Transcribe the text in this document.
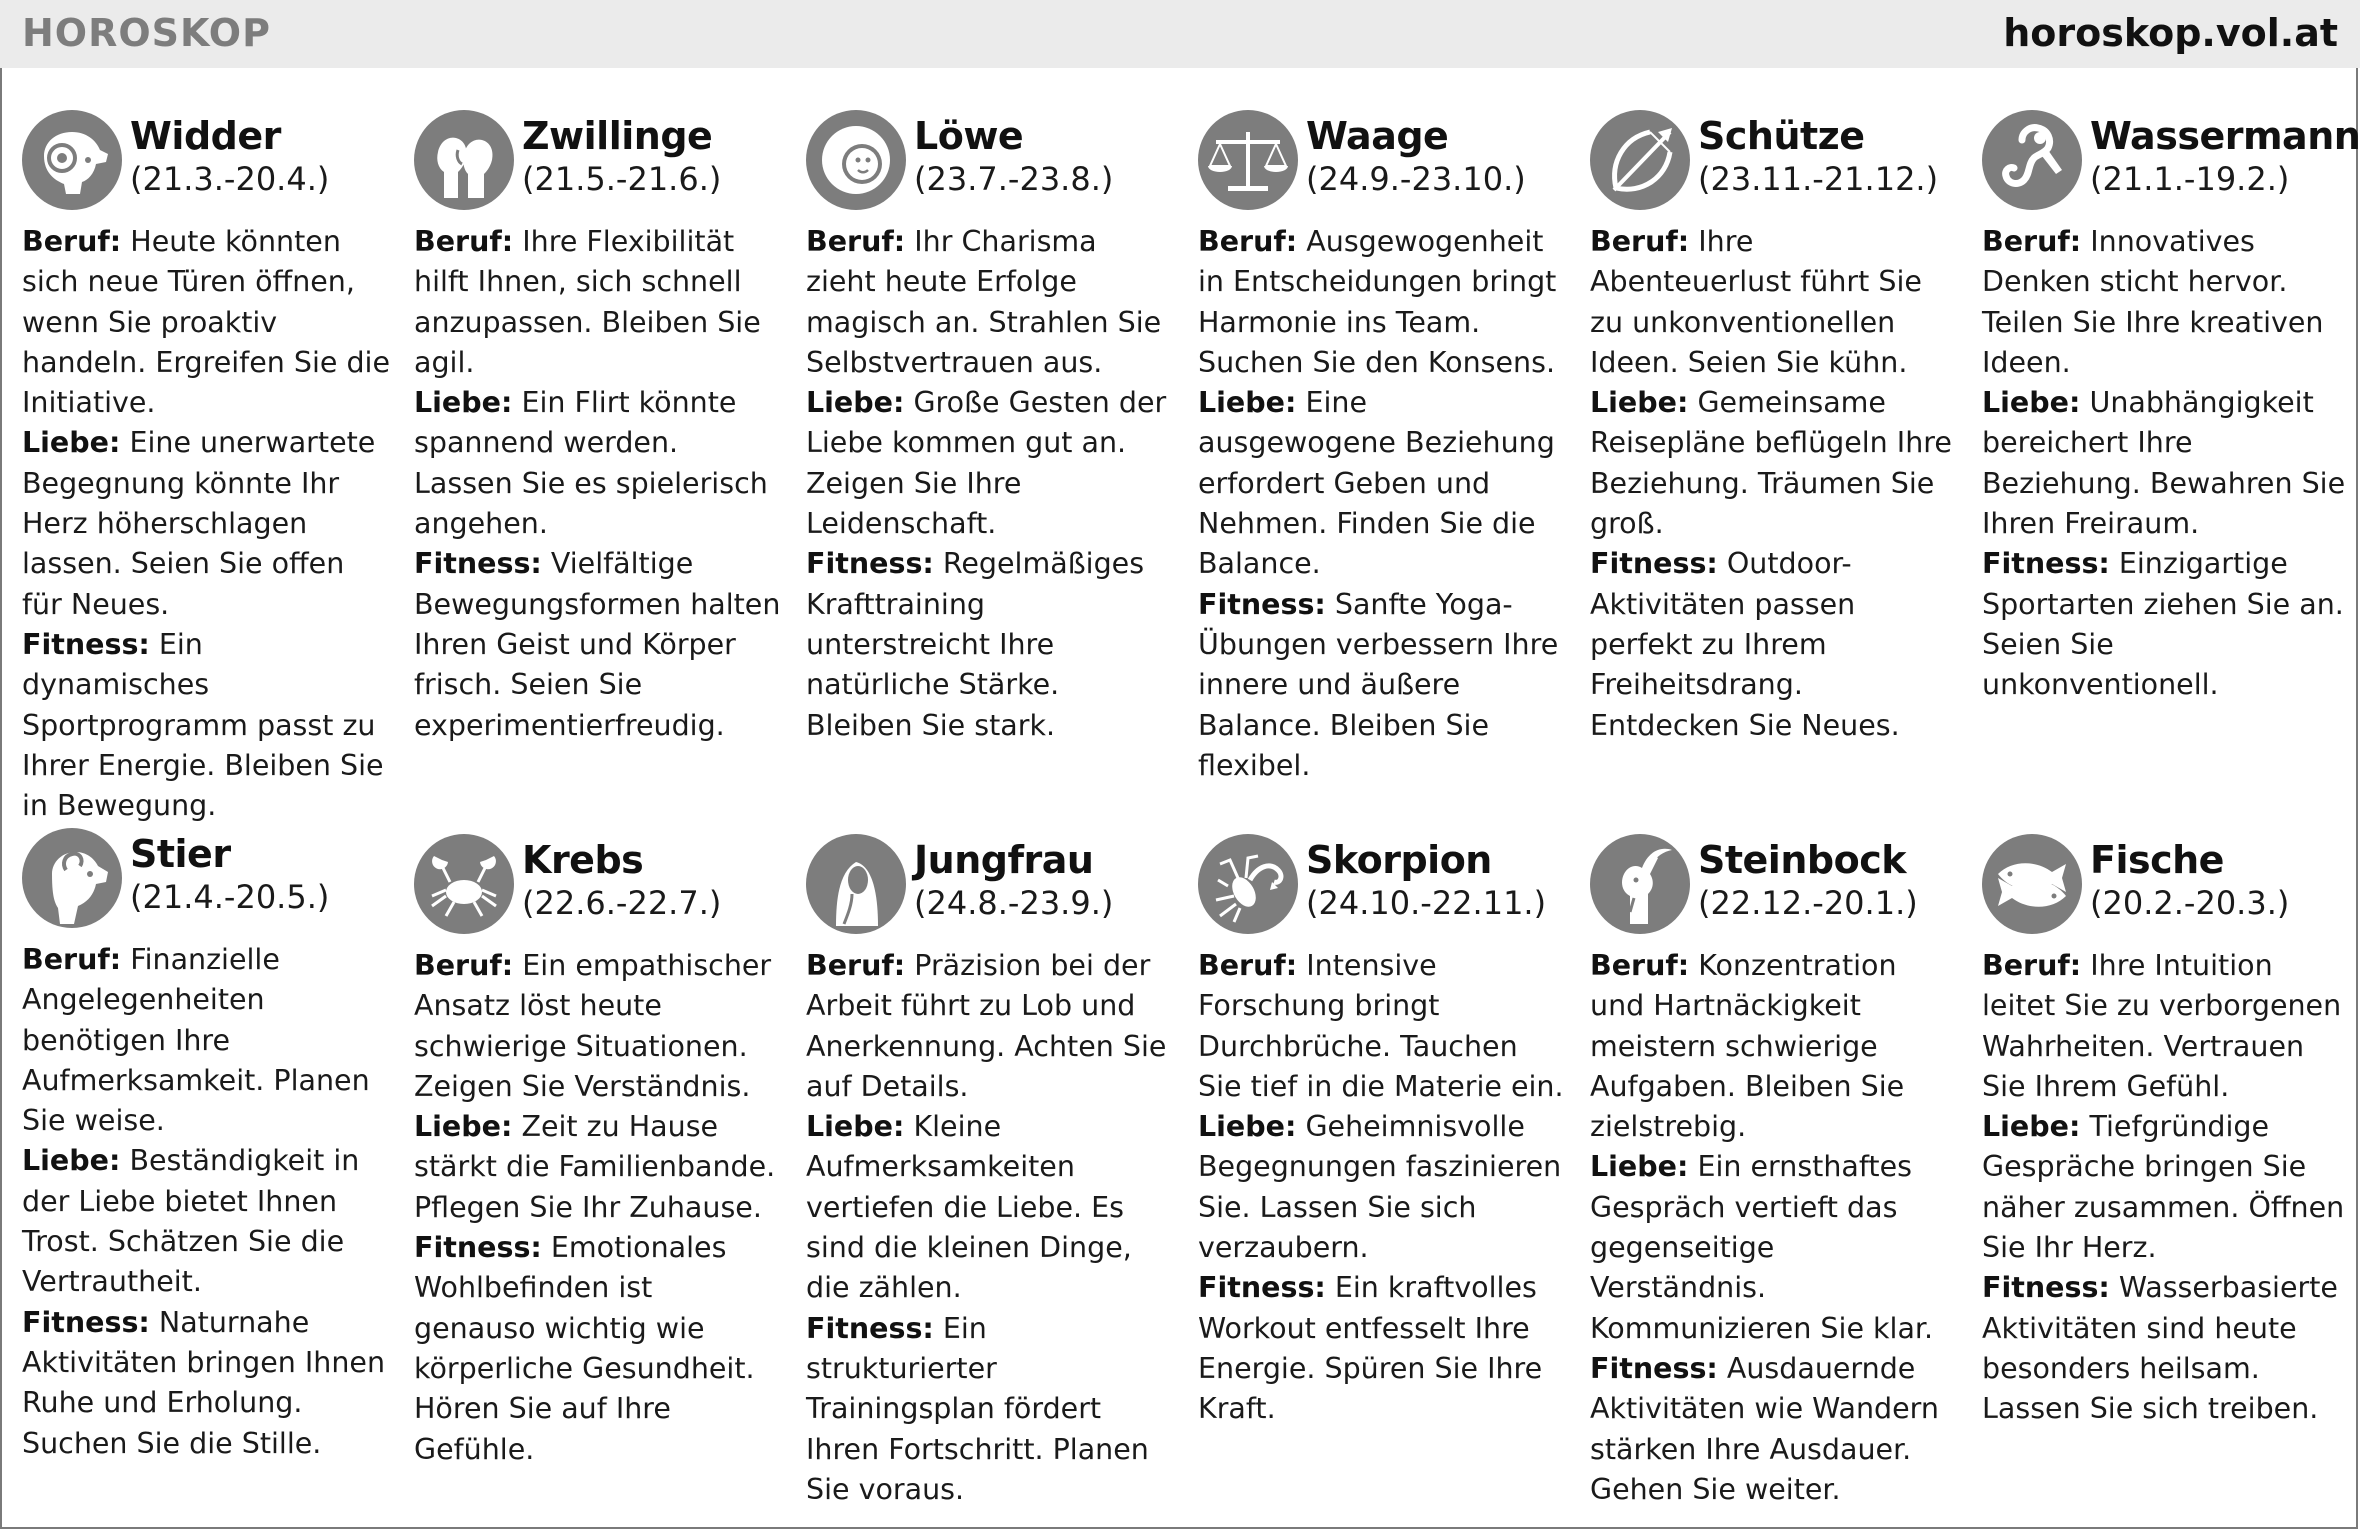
HOROSKOP	horoskop.vol.at
Widder
(21.3.-20.4.)

Beruf: Heute könnten sich neue Türen öffnen, wenn Sie proaktiv handeln. Ergreifen Sie die Initiative.
Liebe: Eine unerwartete Begegnung könnte Ihr Herz höherschlagen lassen. Seien Sie offen für Neues.
Fitness: Ein dynamisches Sportprogramm passt zu Ihrer Energie. Bleiben Sie in Bewegung.

Zwillinge
(21.5.-21.6.)

Beruf: Ihre Flexibilität hilft Ihnen, sich schnell anzupassen. Bleiben Sie agil.
Liebe: Ein Flirt könnte spannend werden. Lassen Sie es spielerisch angehen.
Fitness: Vielfältige Bewegungsformen halten Ihren Geist und Körper frisch. Seien Sie experimentierfreudig.

Löwe
(23.7.-23.8.)

Beruf: Ihr Charisma zieht heute Erfolge magisch an. Strahlen Sie Selbstvertrauen aus.
Liebe: Große Gesten der Liebe kommen gut an. Zeigen Sie Ihre Leidenschaft.
Fitness: Regelmäßiges Krafttraining unterstreicht Ihre natürliche Stärke. Bleiben Sie stark.

Waage
(24.9.-23.10.)

Beruf: Ausgewogenheit in Entscheidungen bringt Harmonie ins Team. Suchen Sie den Konsens.
Liebe: Eine ausgewogene Beziehung erfordert Geben und Nehmen. Finden Sie die Balance.
Fitness: Sanfte Yoga-Übungen verbessern Ihre innere und äußere Balance. Bleiben Sie flexibel.

Schütze
(23.11.-21.12.)

Beruf: Ihre Abenteuerlust führt Sie zu unkonventionellen Ideen. Seien Sie kühn.
Liebe: Gemeinsame Reisepläne beflügeln Ihre Beziehung. Träumen Sie groß.
Fitness: Outdoor-Aktivitäten passen perfekt zu Ihrem Freiheitsdrang. Entdecken Sie Neues.

Wassermann
(21.1.-19.2.)

Beruf: Innovatives Denken sticht hervor. Teilen Sie Ihre kreativen Ideen.
Liebe: Unabhängigkeit bereichert Ihre Beziehung. Bewahren Sie Ihren Freiraum.
Fitness: Einzigartige Sportarten ziehen Sie an. Seien Sie unkonventionell.

Stier
(21.4.-20.5.)

Beruf: Finanzielle Angelegenheiten benötigen Ihre Aufmerksamkeit. Planen Sie weise.
Liebe: Beständigkeit in der Liebe bietet Ihnen Trost. Schätzen Sie die Vertrautheit.
Fitness: Naturnahe Aktivitäten bringen Ihnen Ruhe und Erholung. Suchen Sie die Stille.

Krebs
(22.6.-22.7.)

Beruf: Ein empathischer Ansatz löst heute schwierige Situationen. Zeigen Sie Verständnis.
Liebe: Zeit zu Hause stärkt die Familienbande. Pflegen Sie Ihr Zuhause.
Fitness: Emotionales Wohlbefinden ist genauso wichtig wie körperliche Gesundheit. Hören Sie auf Ihre Gefühle.

Jungfrau
(24.8.-23.9.)

Beruf: Präzision bei der Arbeit führt zu Lob und Anerkennung. Achten Sie auf Details.
Liebe: Kleine Aufmerksamkeiten vertiefen die Liebe. Es sind die kleinen Dinge, die zählen.
Fitness: Ein strukturierter Trainingsplan fördert Ihren Fortschritt. Planen Sie voraus.

Skorpion
(24.10.-22.11.)

Beruf: Intensive Forschung bringt Durchbrüche. Tauchen Sie tief in die Materie ein.
Liebe: Geheimnisvolle Begegnungen faszinieren Sie. Lassen Sie sich verzaubern.
Fitness: Ein kraftvolles Workout entfesselt Ihre Energie. Spüren Sie Ihre Kraft.

Steinbock
(22.12.-20.1.)

Beruf: Konzentration und Hartnäckigkeit meistern schwierige Aufgaben. Bleiben Sie zielstrebig.
Liebe: Ein ernsthaftes Gespräch vertieft das gegenseitige Verständnis. Kommunizieren Sie klar.
Fitness: Ausdauernde Aktivitäten wie Wandern stärken Ihre Ausdauer. Gehen Sie weiter.

Fische
(20.2.-20.3.)

Beruf: Ihre Intuition leitet Sie zu verborgenen Wahrheiten. Vertrauen Sie Ihrem Gefühl.
Liebe: Tiefgründige Gespräche bringen Sie näher zusammen. Öffnen Sie Ihr Herz.
Fitness: Wasserbasierte Aktivitäten sind heute besonders heilsam. Lassen Sie sich treiben.
